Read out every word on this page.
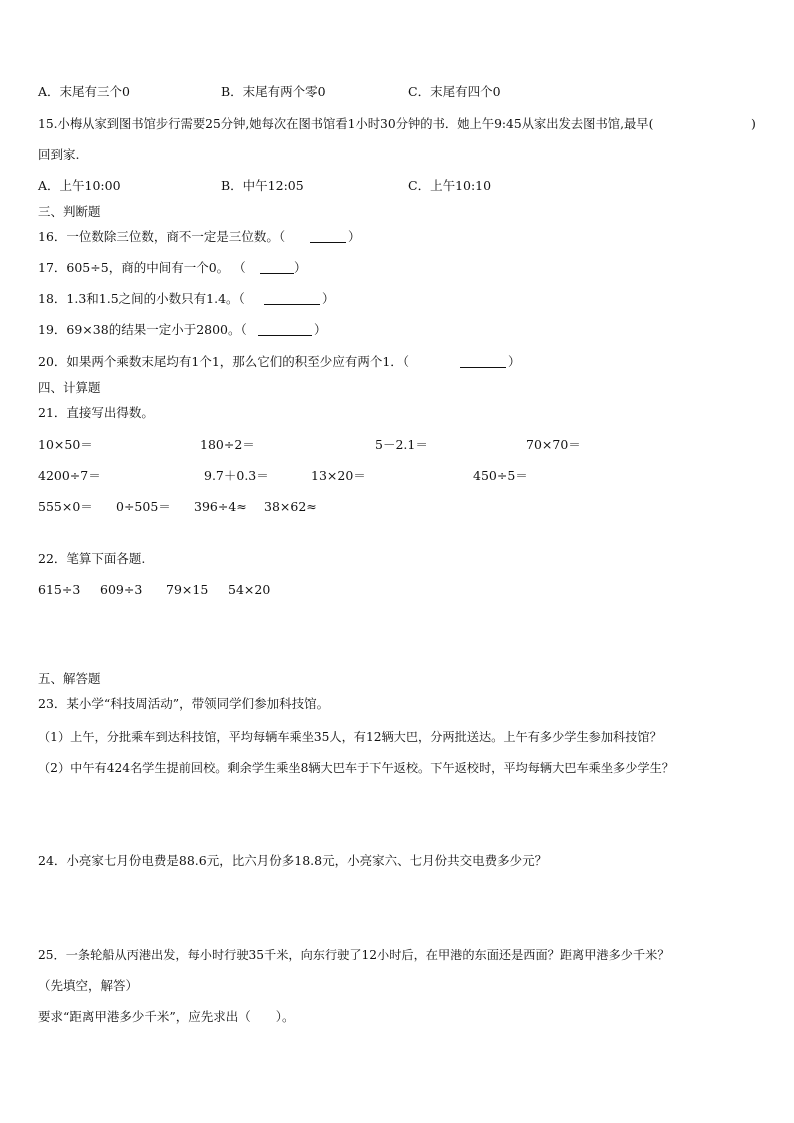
A．末尾有三个0	B．末尾有两个零0	C．末尾有四个0
15.小梅从家到图书馆步行需要25分钟,她每次在图书馆看1小时30分钟的书．她上午9:45从家出发去图书馆,最早(	)
回到家.
A．上午10:00	B．中午12:05	C．上午10:10
三、判断题
16．一位数除三位数，商不一定是三位数。（	）
17．605÷5，商的中间有一个0。 （	）
18．1.3和1.5之间的小数只有1.4。（	）
19．69×38的结果一定小于2800。（	）
20．如果两个乘数末尾均有1个1，那么它们的积至少应有两个1．（	）
四、计算题
21．直接写出得数。
10×50＝	180÷2＝	5－2.1＝	70×70＝
4200÷7＝	9.7＋0.3＝	13×20＝	450÷5＝
555×0＝ 0÷505＝ 396÷4≈ 38×62≈
22．笔算下面各题.
615÷3 609÷3 79×15 54×20
五、解答题
23．某小学“科技周活动”，带领同学们参加科技馆。
（1）上午，分批乘车到达科技馆，平均每辆车乘坐35人，有12辆大巴，分两批送达。上午有多少学生参加科技馆？
（2）中午有424名学生提前回校。剩余学生乘坐8辆大巴车于下午返校。下午返校时，平均每辆大巴车乘坐多少学生？
24．小亮家七月份电费是88.6元，比六月份多18.8元，小亮家六、七月份共交电费多少元？
25．一条轮船从丙港出发，每小时行驶35千米，向东行驶了12小时后，在甲港的东面还是西面？距离甲港多少千米？
（先填空，解答）
要求“距离甲港多少千米”，应先求出（　　）。
